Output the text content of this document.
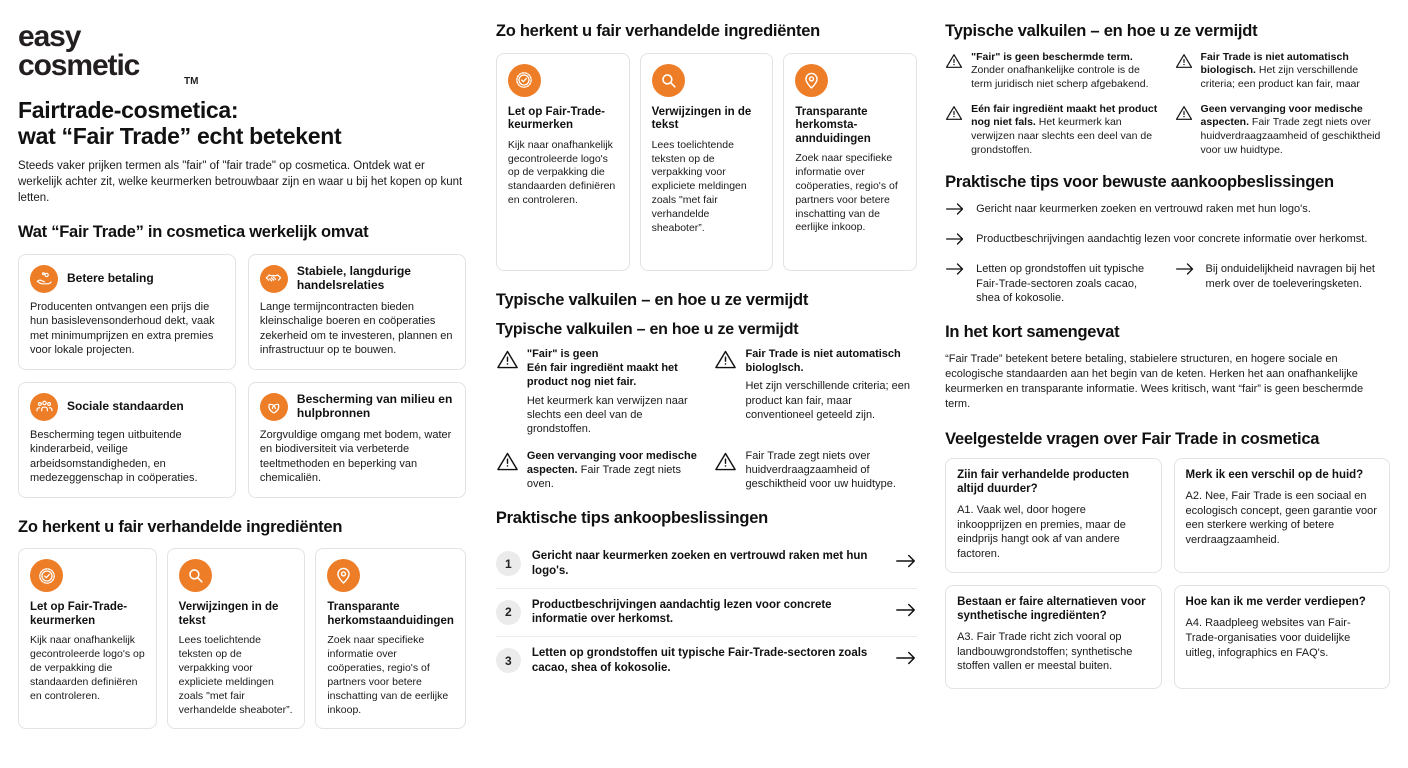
easy
cosmetic	TM
Fairtrade-cosmetica:
wat “Fair Trade” echt betekent

Steeds vaker prijken termen als "fair" of "fair trade" op cosmetica. Ontdek wat er werkelijk achter zit, welke keurmerken betrouwbaar zijn en waar u bij het kopen op kunt letten.

Wat “Fair Trade” in cosmetica werkelijk omvat
Betere betaling
Producenten ontvangen een prijs die hun basislevensonderhoud dekt, vaak met minimumprijzen en extra premies voor lokale projecten.
Stabiele, langdurige handelsrelaties
Lange termijncontracten bieden kleinschalige boeren en coöperaties zekerheid om te investeren, plannen en infrastructuur op te bouwen.
Sociale standaarden
Bescherming tegen uitbuitende kinderarbeid, veilige arbeidsomstandigheden, en medezeggenschap in coöperaties.
Bescherming van milieu en hulpbronnen
Zorgvuldige omgang met bodem, water en biodiversiteit via verbeterde teeltmethoden en beperking van chemicaliën.
Zo herkent u fair verhandelde ingrediënten
Let op Fair-Trade-keurmerken
Kijk naar onafhankelijk gecontroleerde logo's op de verpakking die standaarden definiëren en controleren.
Verwijzingen in de tekst
Lees toelichtende teksten op de verpakking voor expliciete meldingen zoals "met fair verhandelde sheaboter”.
Transparante herkomstaanduidingen
Zoek naar specifieke informatie over coöperaties, regio's of partners voor betere inschatting van de eerlijke inkoop.
Zo herkent u fair verhandelde ingrediënten
Let op Fair-Trade-keurmerken
Kijk naar onafhankelijk gecontroleerde logo's op de verpakking die standaarden definiëren en controleren.
Verwijzingen in de tekst
Lees toelichtende teksten op de verpakking voor expliciete meldingen zoals "met fair verhandelde sheaboter”.
Transparante herkomsta-annduidingen
Zoek naar specifieke informatie over coöperaties, regio's of partners voor betere inschatting van de eerlijke inkoop.
Typische valkuilen – en hoe u ze vermijdt
Typische valkuilen – en hoe u ze vermijdt
"Fair" is geen
Eén fair ingrediënt maakt het product nog niet fair.
Het keurmerk kan verwijzen naar slechts een deel van de grondstoffen.
Fair Trade is niet automatisch biologlsch.
Het zijn verschillende criteria; een product kan fair, maar conventioneel geteeld zijn.
Geen vervanging voor medische aspecten. Fair Trade zegt niets oven.
Fair Trade zegt niets over huidverdraagzaamheid of geschiktheid voor uw huidtype.
Praktische tips ankoopbeslissingen
1
Gericht naar keurmerken zoeken en vertrouwd raken met hun logo's.
2
Productbeschrijvingen aandachtig lezen voor concrete informatie over herkomst.
3
Letten op grondstoffen uit typische Fair-Trade-sectoren zoals cacao, shea of kokosolie.
Typische valkuilen – en hoe u ze vermijdt
"Fair" is geen beschermde term. Zonder onafhankelijke controle is de term juridisch niet scherp afgebakend.
Fair Trade is niet automatisch biologisch. Het zijn verschillende criteria; een product kan fair, maar
Eén fair ingrediënt maakt het product nog niet fals. Het keurmerk kan verwijzen naar slechts een deel van de grondstoffen.
Geen vervanging voor medische aspecten. Fair Trade zegt niets over huidverdraagzaamheid of geschiktheid voor uw huidtype.
Praktische tips voor bewuste aankoopbeslissingen
Gericht naar keurmerken zoeken en vertrouwd raken met hun logo's.
Productbeschrijvingen aandachtig lezen voor concrete informatie over herkomst.
Letten op grondstoffen uit typische Fair-Trade-sectoren zoals cacao, shea of kokosolie.
Bij onduidelijkheid navragen bij het merk over de toeleveringsketen.
In het kort samengevat

“Fair Trade” betekent betere betaling, stabielere structuren, en hogere sociale en ecologische standaarden aan het begin van de keten. Herken het aan onafhankelijke keurmerken en transparante informatie. Wees kritisch, want “fair” is geen beschermde term.

Veelgestelde vragen over Fair Trade in cosmetica
Ziin fair verhandelde producten altijd duurder?
A1. Vaak wel, door hogere inkoopprijzen en premies, maar de eindprijs hangt ook af van andere factoren.
Merk ik een verschil op de huid?
A2. Nee, Fair Trade is een sociaal en ecologisch concept, geen garantie voor een sterkere werking of betere verdraagzaamheid.
Bestaan er faire alternatieven voor synthetische ingrediënten?
A3. Fair Trade richt zich vooral op landbouwgrondstoffen; synthetische stoffen vallen er meestal buiten.
Hoe kan ik me verder verdiepen?
A4. Raadpleeg websites van Fair-Trade-organisaties voor duidelijke uitleg, infographics en FAQ's.
